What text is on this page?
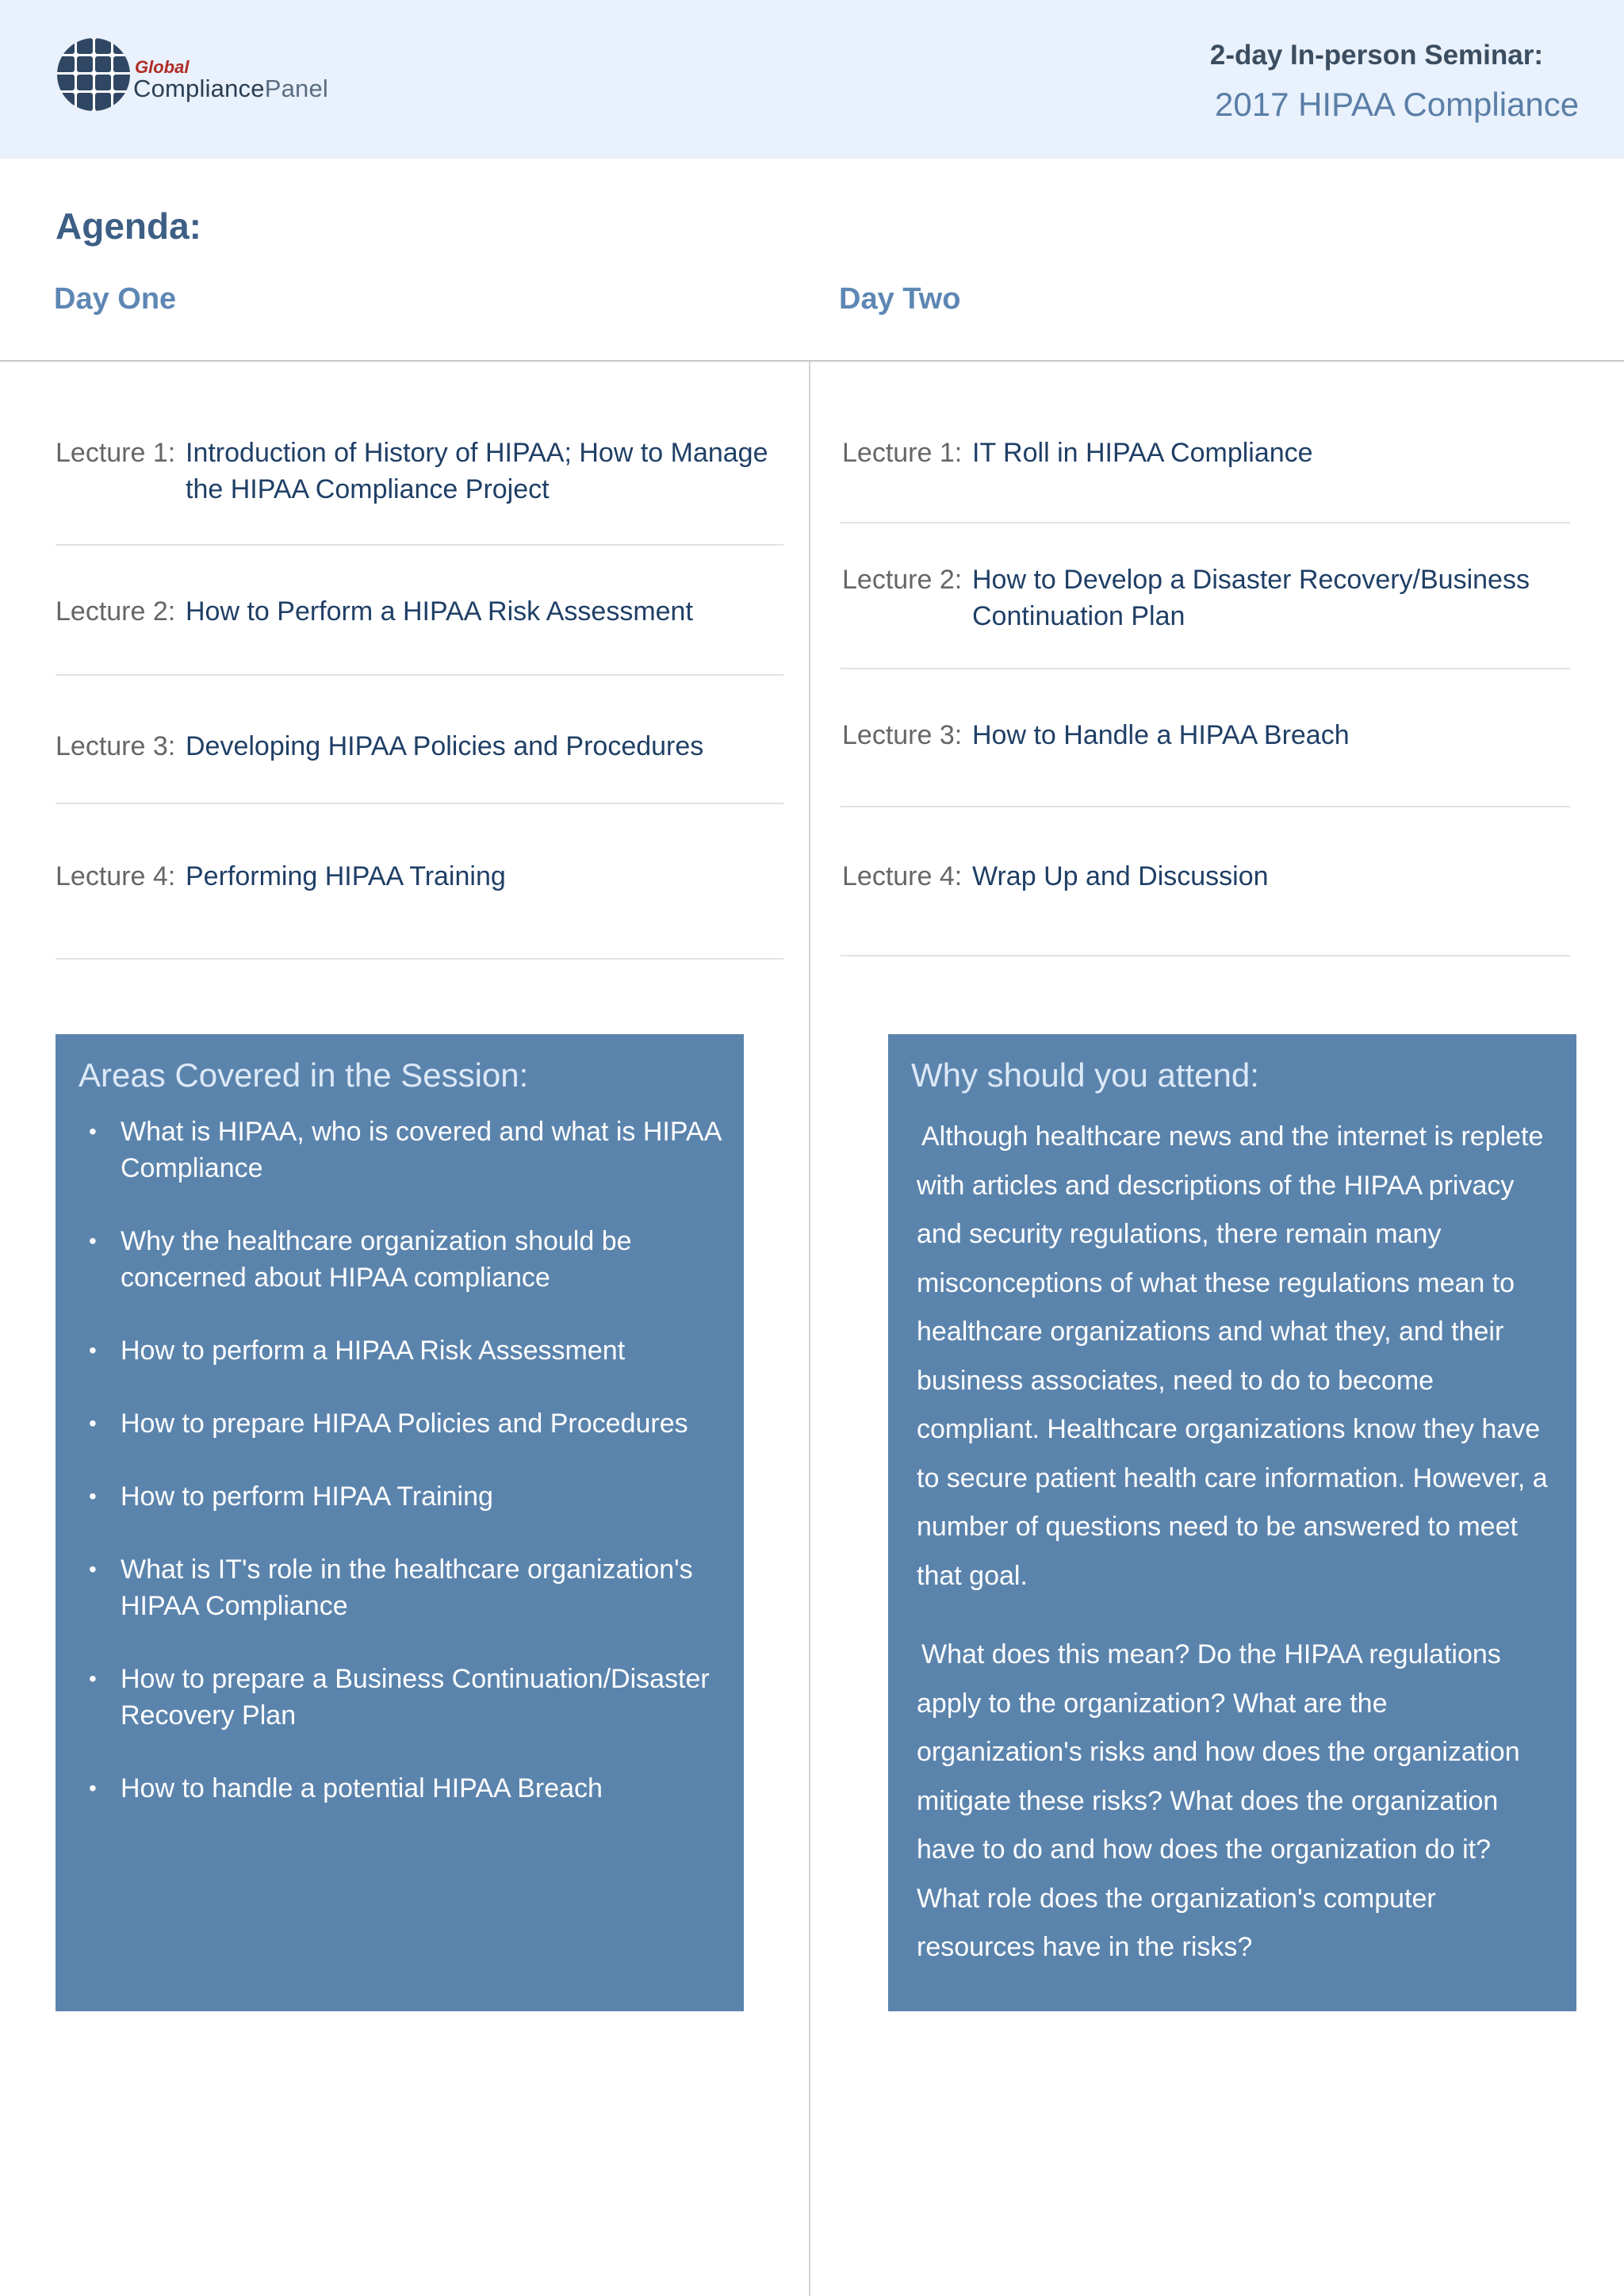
Global
CompliancePanel
2-day In-person Seminar:
2017 HIPAA Compliance
Agenda:
Day One	Day Two
Lecture 1: Introduction of History of HIPAA; How to Manage the HIPAA Compliance Project
Lecture 2: How to Perform a HIPAA Risk Assessment
Lecture 3: Developing HIPAA Policies and Procedures
Lecture 4: Performing HIPAA Training
Lecture 1: IT Roll in HIPAA Compliance
Lecture 2: How to Develop a Disaster Recovery/Business Continuation Plan
Lecture 3: How to Handle a HIPAA Breach
Lecture 4: Wrap Up and Discussion
Areas Covered in the Session:
• What is HIPAA, who is covered and what is HIPAA Compliance
• Why the healthcare organization should be concerned about HIPAA compliance
• How to perform a HIPAA Risk Assessment
• How to prepare HIPAA Policies and Procedures
• How to perform HIPAA Training
• What is IT's role in the healthcare organization's HIPAA Compliance
• How to prepare a Business Continuation/Disaster Recovery Plan
• How to handle a potential HIPAA Breach
Why should you attend:

Although healthcare news and the internet is replete with articles and descriptions of the HIPAA privacy and security regulations, there remain many misconceptions of what these regulations mean to healthcare organizations and what they, and their business associates, need to do to become compliant. Healthcare organizations know they have to secure patient health care information. However, a number of questions need to be answered to meet that goal.

What does this mean? Do the HIPAA regulations apply to the organization? What are the organization's risks and how does the organization mitigate these risks? What does the organization have to do and how does the organization do it? What role does the organization's computer resources have in the risks?
